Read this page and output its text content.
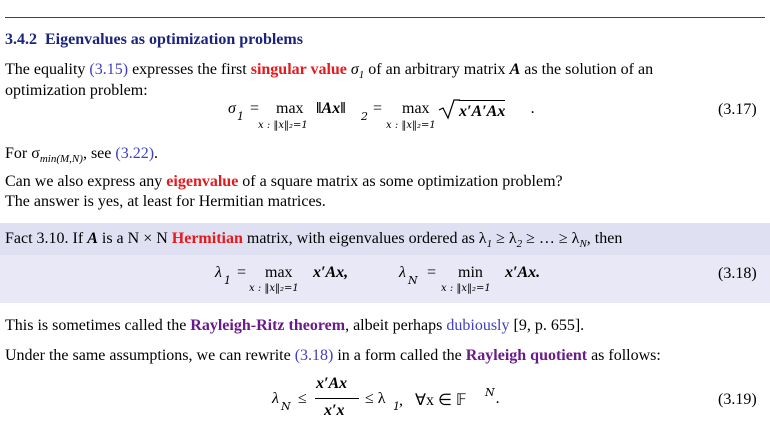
3.4.2 Eigenvalues as optimization problems
The equality (3.15) expresses the first singular value $\sigma_1$ of an arbitrary matrix A as the solution of an
optimization problem:
σ 1 = max
x : ‖x‖₂=1
‖Ax‖ 2 = max
x : ‖x‖₂=1
x′A′Ax .	(3.17)
For $\sigma_{min(M,N)}$, see (3.22).
Can we also express any eigenvalue of a square matrix as some optimization problem?
The answer is yes, at least for Hermitian matrices.
Fact 3.10. If A is a N × N Hermitian matrix, with eigenvalues ordered as $\lambda_1 \ge \lambda_2$ ≥ … ≥ $\lambda_N$, then
λ 1 = max
x : ‖x‖₂=1
x′Ax,	λ N = min
x : ‖x‖₂=1
x′Ax.	(3.18)
This is sometimes called the Rayleigh-Ritz theorem, albeit perhaps dubiously [9, p. 655].
Under the same assumptions, we can rewrite (3.18) in a form called the Rayleigh quotient as follows:
λ N ≤
x′Ax
x′x
≤ λ 1 ,   ∀x ∈ 𝔽 N .	(3.19)
